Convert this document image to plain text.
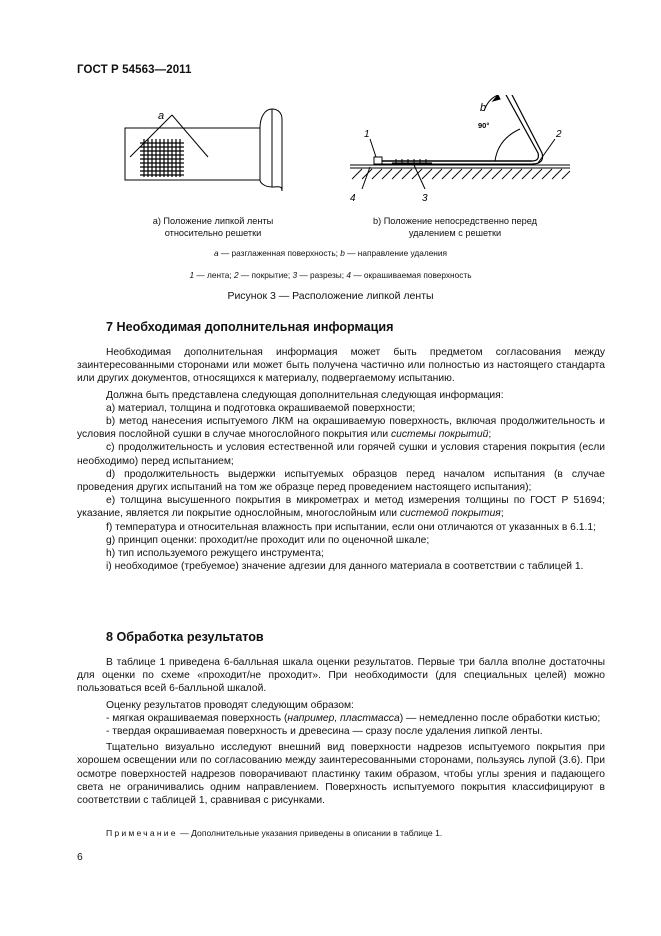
ГОСТ Р 54563—2011
a
1	2
3
4
b
90°
а) Положение липкой ленты
относительно решетки
b) Положение непосредственно перед
удалением с решетки
а — разглаженная поверхность; b — направление удаления
1 — лента; 2 — покрытие; 3 — разрезы; 4 — окрашиваемая поверхность
Рисунок 3 — Расположение липкой ленты
7 Необходимая дополнительная информация

Необходимая дополнительная информация может быть предметом согласования между заинтересованными сторонами или может быть получена частично или полностью из настоящего стандарта или других документов, относящихся к материалу, подвергаемому испытанию.

Должна быть представлена следующая дополнительная следующая информация:

а) материал, толщина и подготовка окрашиваемой поверхности;

b) метод нанесения испытуемого ЛКМ на окрашиваемую поверхность, включая продолжительность и условия послойной сушки в случае многослойного покрытия или системы покрытий;

c) продолжительность и условия естественной или горячей сушки и условия старения покрытия (если необходимо) перед испытанием;

d) продолжительность выдержки испытуемых образцов перед началом испытания (в случае проведения других испытаний на том же образце перед проведением настоящего испытания);

e) толщина высушенного покрытия в микрометрах и метод измерения толщины по ГОСТ Р 51694; указание, является ли покрытие однослойным, многослойным или системой покрытия;

f) температура и относительная влажность при испытании, если они отличаются от указанных в 6.1.1;

g) принцип оценки: проходит/не проходит или по оценочной шкале;

h) тип используемого режущего инструмента;

i) необходимое (требуемое) значение адгезии для данного материала в соответствии с таблицей 1.

8 Обработка результатов

В таблице 1 приведена 6-балльная шкала оценки результатов. Первые три балла вполне достаточны для оценки по схеме «проходит/не проходит». При необходимости (для специальных целей) можно пользоваться всей 6-балльной шкалой.

Оценку результатов проводят следующим образом:

- мягкая окрашиваемая поверхность (например, пластмасса) — немедленно после обработки кистью;

- твердая окрашиваемая поверхность и древесина — сразу после удаления липкой ленты.

Тщательно визуально исследуют внешний вид поверхности надрезов испытуемого покрытия при хорошем освещении или по согласованию между заинтересованными сторонами, пользуясь лупой (3.6). При осмотре поверхностей надрезов поворачивают пластинку таким образом, чтобы углы зрения и падающего света не ограничивались одним направлением. Поверхность испытуемого покрытия классифицируют в соответствии с таблицей 1, сравнивая с рисунками.

Примечание — Дополнительные указания приведены в описании в таблице 1.
6
